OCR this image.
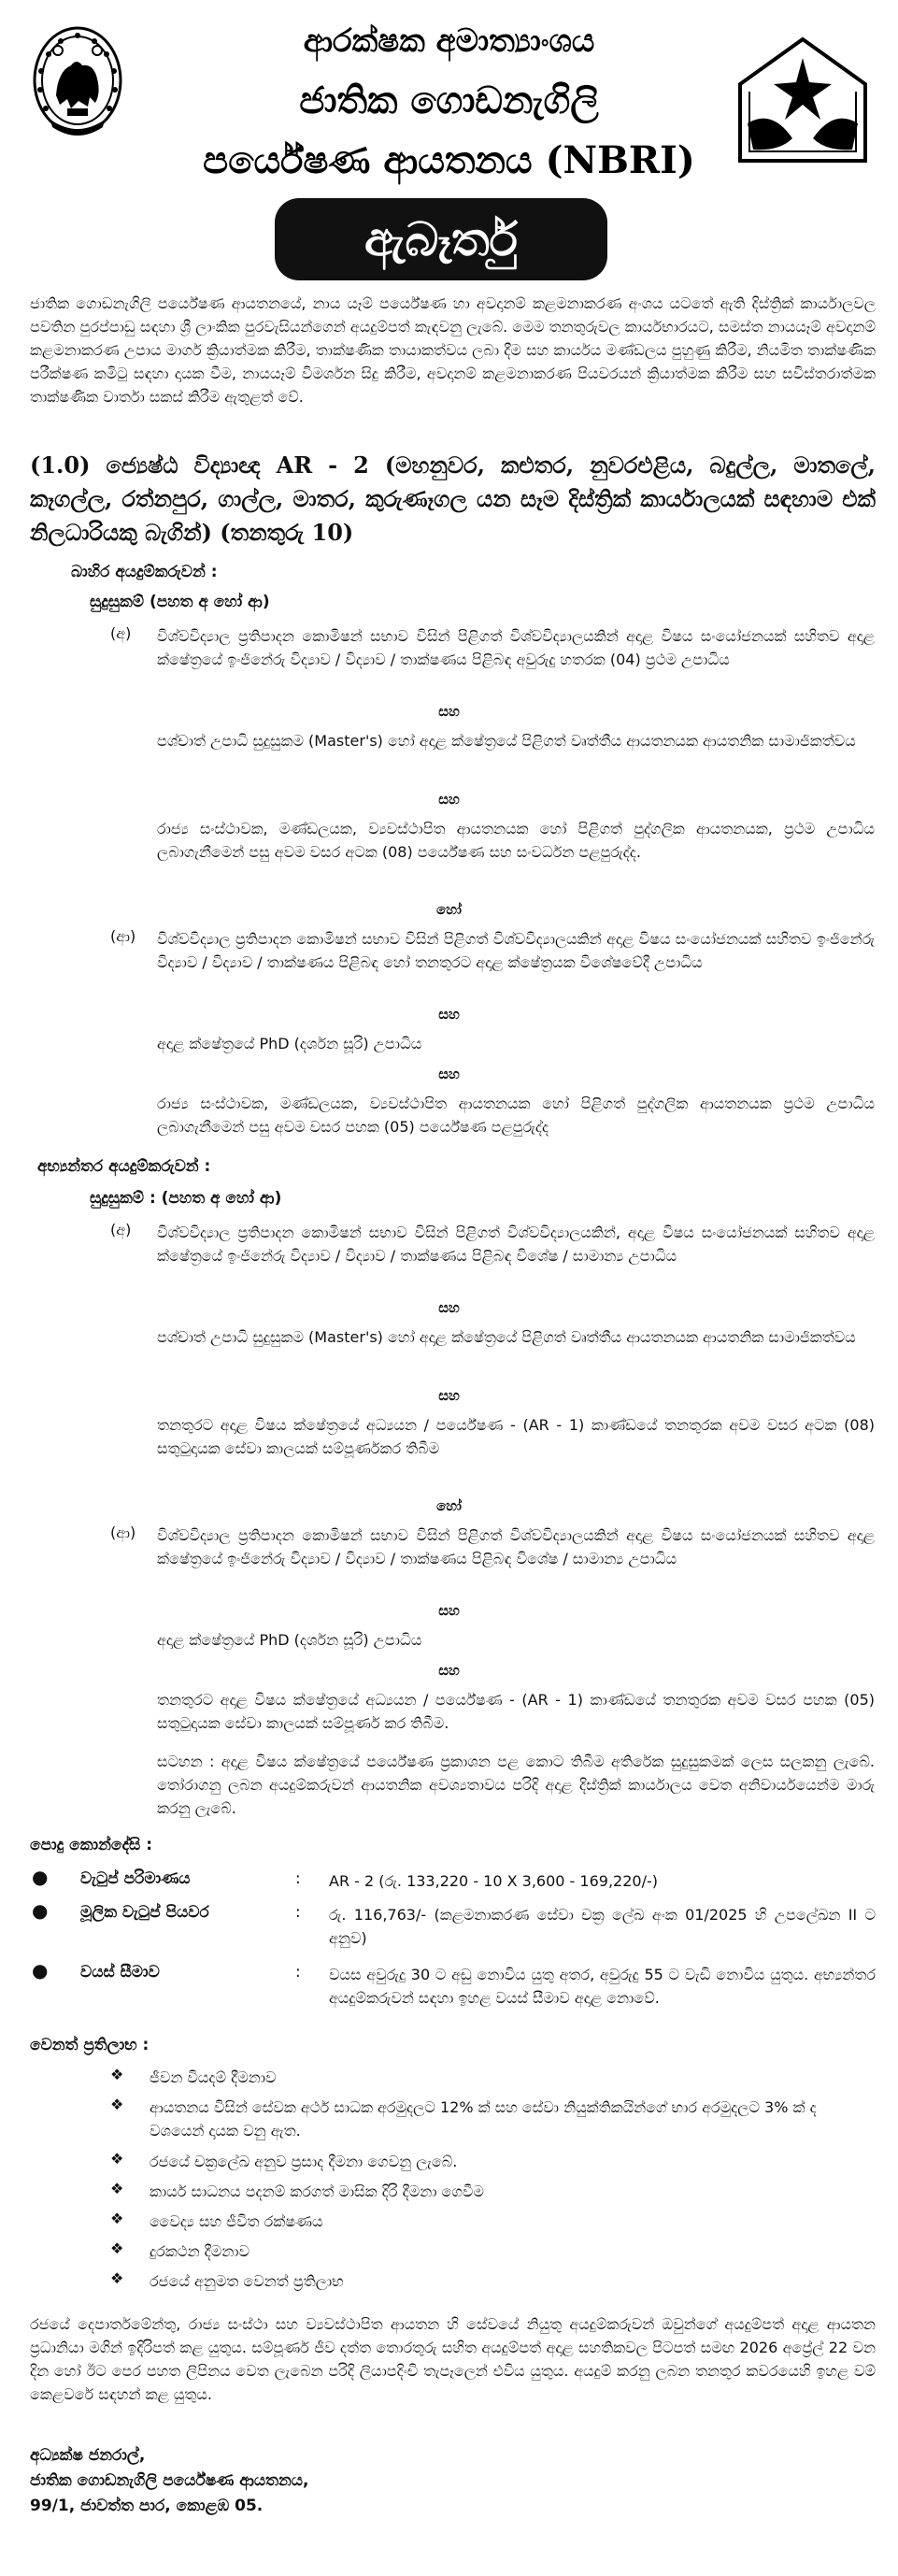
ආරක්ෂක අමාත්‍යාංශය
ජාතික ගොඩනැගිලි
පර්යේෂණ ආයතනය (NBRI)
ඇබෑර්තු
ජාතික ගොඩනැගිලි පර්යේෂණ ආයතනයේ, නාය යෑම් පර්යේෂණ හා අවදානම් කළමනාකරණ අංශය යටතේ ඇති දිස්ත්‍රික් කාර්යාලවල පවතින පුරප්පාඩු සඳහා ශ්‍රී ලාංකික පුරවැසියන්ගෙන් අයදුම්පත් කැඳවනු ලැබේ. මෙම තනතුරුවල කාර්යභාරයට, සමස්ත නායයෑම් අවදානම් කළමනාකරණ උපාය මාර්ග ක්‍රියාත්මක කිරීම, තාක්ෂණික තායාකත්වය ලබා දීම සහ කාර්යය මණ්ඩලය පුහුණු කිරීම, නියමිත තාක්ෂණික පරීක්ෂණ කමිටු සඳහා දායක වීම, නායයෑම් විමර්ශන සිදු කිරීම, අවදානම් කළමනාකරණ පියවරයන් ක්‍රියාත්මක කිරීම සහ සවිස්තරාත්මක තාක්ෂණික වාර්තා සකස් කිරීම ඇතුළත් වේ.
(1.0) ජ්‍යෙෂ්ඨ විද්‍යාඥ AR - 2 (මහනුවර, කළුතර, නුවරඑළිය, බදුල්ල, මාතලේ, කෑගල්ල, රත්නපුර, ගාල්ල, මාතර, කුරුණෑගල යන සෑම දිස්ත්‍රික් කාර්යාලයක් සඳහාම එක් නිලධාරියකු බැගින්) (තනතුරු 10)
බාහිර අයදුම්කරුවන් :
සුදුසුකම් (පහත අ හෝ ආ)
(අ) විශ්වවිද්‍යාල ප්‍රතිපාදන කොමිෂන් සභාව විසින් පිළිගත් විශ්වවිද්‍යාලයකින් අදාළ විෂය සංයෝජනයක් සහිතව අදාළ ක්ෂේත්‍රයේ ඉංජිනේරු විද්‍යාව / විද්‍යාව / තාක්ෂණය පිළිබඳ අවුරුදු හතරක (04) ප්‍රථම උපාධිය
සහ
පශ්චාත් උපාධි සුදුසුකම (Master's) හෝ අදාළ ක්ෂේත්‍රයේ පිළිගත් වෘත්තීය ආයතනයක ආයතනික සාමාජිකත්වය
සහ
රාජ්‍ය සංස්ථාවක, මණ්ඩලයක, ව්‍යවස්ථාපිත ආයතනයක හෝ පිළිගත් පුද්ගලික ආයතනයක, ප්‍රථම උපාධිය ලබාගැනීමෙන් පසු අවම වසර අටක (08) පර්යේෂණ සහ සංවර්ධන පළපුරුද්ද.
හෝ
(ආ) විශ්වවිද්‍යාල ප්‍රතිපාදන කොමිෂන් සභාව විසින් පිළිගත් විශ්වවිද්‍යාලයකින් අදාළ විෂය සංයෝජනයක් සහිතව ඉංජිනේරු විද්‍යාව / විද්‍යාව / තාක්ෂණය පිළිබඳ හෝ තනතුරට අදාළ ක්ෂේත්‍රයක විශේෂවේදී උපාධිය
සහ
අදාළ ක්ෂේත්‍රයේ PhD (දර්ශන සූරි) උපාධිය
සහ
රාජ්‍ය සංස්ථාවක, මණ්ඩලයක, ව්‍යවස්ථාපිත ආයතනයක හෝ පිළිගත් පුද්ගලික ආයතනයක ප්‍රථම උපාධිය ලබාගැනීමෙන් පසු අවම වසර පහක (05) පර්යේෂණ පළපුරුද්ද
අභ්‍යන්තර අයදුම්කරුවන් :
සුදුසුකම් : (පහත අ හෝ ආ)
(අ) විශ්වවිද්‍යාල ප්‍රතිපාදන කොමිෂන් සභාව විසින් පිළිගත් විශ්වවිද්‍යාලයකින්, අදාළ විෂය සංයෝජනයක් සහිතව අදාළ ක්ෂේත්‍රයේ ඉංජිනේරු විද්‍යාව / විද්‍යාව / තාක්ෂණය පිළිබඳ විශේෂ / සාමාන්‍ය උපාධිය
සහ
පශ්චාත් උපාධි සුදුසුකම (Master's) හෝ අදාළ ක්ෂේත්‍රයේ පිළිගත් වෘත්තීය ආයතනයක ආයතනික සාමාජිකත්වය
සහ
තනතුරට අදාළ විෂය ක්ෂේත්‍රයේ අධ්‍යයන / පර්යේෂණ - (AR - 1) කාණ්ඩයේ තනතුරක අවම වසර අටක (08) සතුටුදායක සේවා කාලයක් සම්පූර්ණකර තිබීම
හෝ
(ආ) විශ්වවිද්‍යාල ප්‍රතිපාදන කොමිෂන් සභාව විසින් පිළිගත් විශ්වවිද්‍යාලයකින් අදාළ විෂය සංයෝජනයක් සහිතව අදාළ ක්ෂේත්‍රයේ ඉංජිනේරු විද්‍යාව / විද්‍යාව / තාක්ෂණය පිළිබඳ විශේෂ / සාමාන්‍ය උපාධිය
සහ
අදාළ ක්ෂේත්‍රයේ PhD (දර්ශන සූරි) උපාධිය
සහ
තනතුරට අදාළ විෂය ක්ෂේත්‍රයේ අධ්‍යයන / පර්යේෂණ - (AR - 1) කාණ්ඩයේ තනතුරක අවම වසර පහක (05) සතුටුදායක සේවා කාලයක් සම්පූර්ණ කර තිබීම.
සටහන : අදාළ විෂය ක්ෂේත්‍රයේ පර්යේෂණ ප්‍රකාශන පළ කොට තිබීම අතිරේක සුදුසුකමක් ලෙස සලකනු ලැබේ. තෝරාගනු ලබන අයදුම්කරුවන් ආයතනික අවශ්‍යතාවය පරිදි අදාළ දිස්ත්‍රික් කාර්යාලය වෙත අනිවාර්යයෙන්ම මාරු කරනු ලැබේ.
පොදු කොන්දේසි :
● වැටුප් පරිමාණය	: AR - 2 (රු. 133,220 - 10 X 3,600 - 169,220/-)
● මූලික වැටුප් පියවර	: රු. 116,763/- (කළමනාකරණ සේවා චක්‍ර ලේඛ අංක 01/2025 හි උපලේඛන II ට අනුව)
● වයස් සීමාව	: වයස අවුරුදු 30 ට අඩු නොවිය යුතු අතර, අවුරුදු 55 ට වැඩි නොවිය යුතුය. අභ්‍යන්තර අයදුම්කරුවන් සඳහා ඉහළ වයස් සීමාව අදාළ නොවේ.
වෙනත් ප්‍රතිලාභ :
❖ ජීවන වියදම් දීමනාව
❖ ආයතනය විසින් සේවක අර්ථ සාධක අරමුදලට 12% ක් සහ සේවා නියුක්තිකයින්ගේ භාර අරමුදලට 3% ක් ද වශයෙන් දායක වනු ඇත.
❖ රජයේ චක්‍රලේඛ අනුව ප්‍රසාද දීමනා ගෙවනු ලැබේ.
❖ කාර්ය සාධනය පදනම් කරගත් මාසික දිරි දීමනා ගෙවීම
❖ වෛද්‍ය සහ ජීවිත රක්ෂණය
❖ දුරකථන දීමනාව
❖ රජයේ අනුමත වෙනත් ප්‍රතිලාභ
රජයේ දෙපාර්තමේන්තු, රාජ්‍ය සංස්ථා සහ ව්‍යවස්ථාපිත ආයතන හි සේවයේ නියුතු අයදුම්කරුවන් ඔවුන්ගේ අයදුම්පත් අදාළ ආයතන ප්‍රධානියා මගින් ඉදිරිපත් කළ යුතුය. සම්පූර්ණ ජීව දත්ත තොරතුරු සහිත අයදුම්පත් අදාළ සහතිකවල පිටපත් සමඟ 2026 අප්‍රේල් 22 වන දින හෝ ඊට පෙර පහත ලිපිනය වෙත ලැබෙන පරිදි ලියාපදිංචි තැපෑලෙන් එවිය යුතුය. අයදුම් කරනු ලබන තනතුර කවරයෙහි ඉහළ වම් කෙළවරේ සඳහන් කළ යුතුය.
අධ්‍යක්ෂ ජනරාල්,
ජාතික ගොඩනැගිලි පර්යේෂණ ආයතනය,
99/1, ජාවත්ත පාර, කොළඹ 05.
